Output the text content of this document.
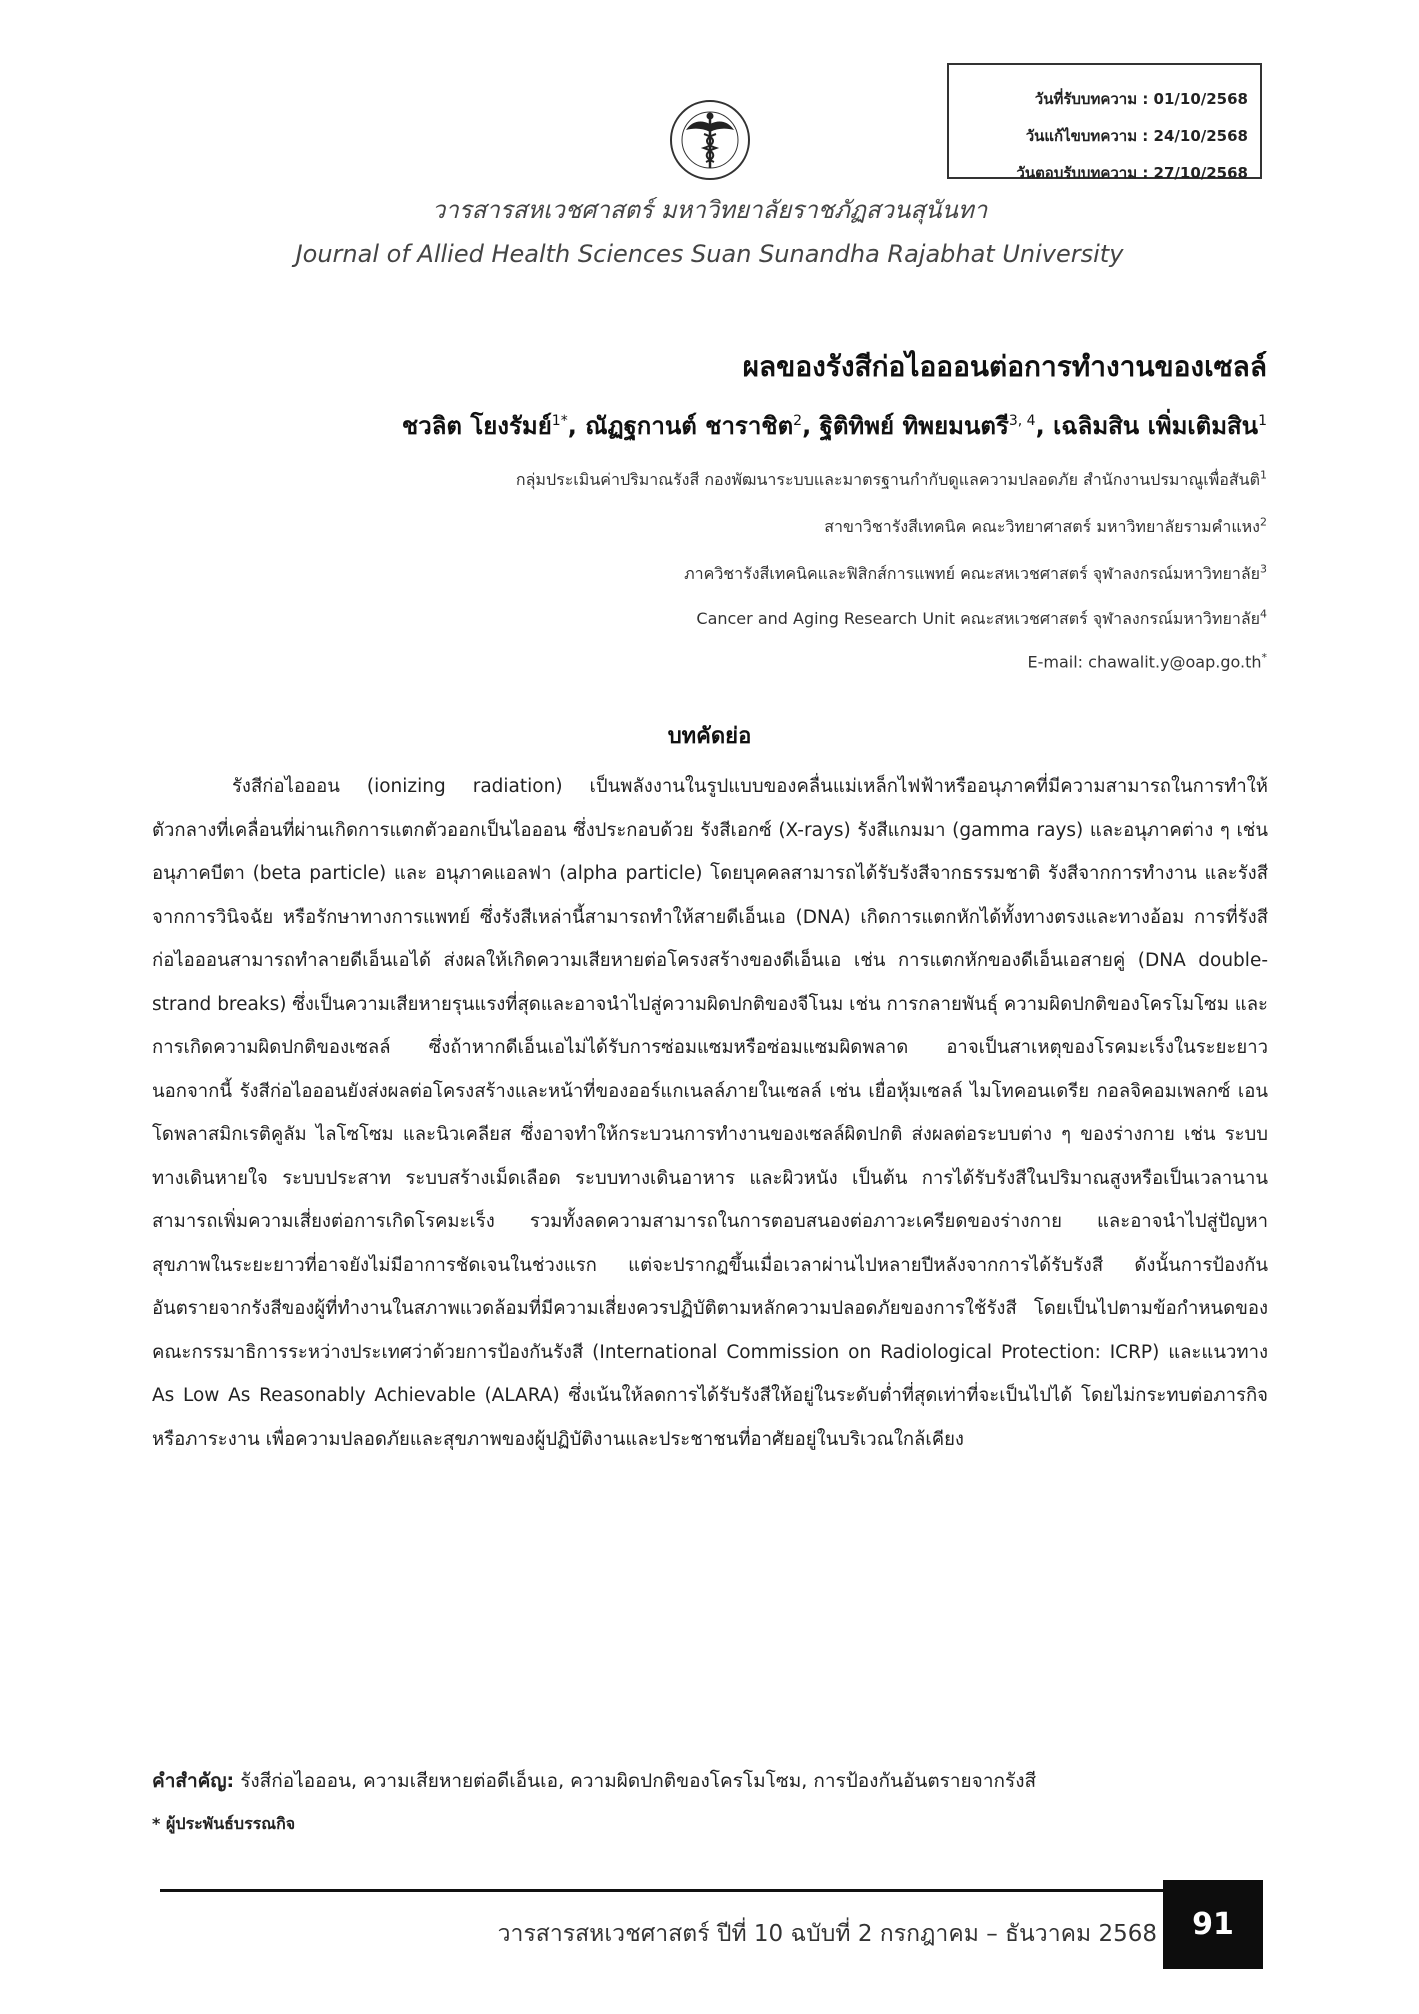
วันที่รับบทความ : 01/10/2568
วันแก้ไขบทความ : 24/10/2568
วันตอบรับบทความ : 27/10/2568
วารสารสหเวชศาสตร์ มหาวิทยาลัยราชภัฏสวนสุนันทา
Journal of Allied Health Sciences Suan Sunandha Rajabhat University
ผลของรังสีก่อไอออนต่อการทำงานของเซลล์
ชวลิต โยงรัมย์$^{1*}$, ณัฏฐกานต์ ชาราชิต$^2$, ฐิติทิพย์ ทิพยมนตรี$^{3, 4}$, เฉลิมสิน เพิ่มเติมสิน$^1$
กลุ่มประเมินค่าปริมาณรังสี กองพัฒนาระบบและมาตรฐานกำกับดูแลความปลอดภัย สำนักงานปรมาณูเพื่อสันติ$^1$
สาขาวิชารังสีเทคนิค คณะวิทยาศาสตร์ มหาวิทยาลัยรามคำแหง$^2$
ภาควิชารังสีเทคนิคและฟิสิกส์การแพทย์ คณะสหเวชศาสตร์ จุฬาลงกรณ์มหาวิทยาลัย$^3$
Cancer and Aging Research Unit คณะสหเวชศาสตร์ จุฬาลงกรณ์มหาวิทยาลัย$^4$
E-mail: chawalit.y@oap.go.th*
บทคัดย่อ

รังสีก่อไอออน (ionizing radiation) เป็นพลังงานในรูปแบบของคลื่นแม่เหล็กไฟฟ้าหรืออนุภาคที่มีความสามารถในการทำให้ตัวกลางที่เคลื่อนที่ผ่านเกิดการแตกตัวออกเป็นไอออน ซึ่งประกอบด้วย รังสีเอกซ์ (X-rays) รังสีแกมมา (gamma rays) และอนุภาคต่าง ๆ เช่น อนุภาคบีตา (beta particle) และ อนุภาคแอลฟา (alpha particle) โดยบุคคลสามารถได้รับรังสีจากธรรมชาติ รังสีจากการทำงาน และรังสีจากการวินิจฉัย หรือรักษาทางการแพทย์ ซึ่งรังสีเหล่านี้สามารถทำให้สายดีเอ็นเอ (DNA) เกิดการแตกหักได้ทั้งทางตรงและทางอ้อม การที่รังสีก่อไอออนสามารถทำลายดีเอ็นเอได้ ส่งผลให้เกิดความเสียหายต่อโครงสร้างของดีเอ็นเอ เช่น การแตกหักของดีเอ็นเอสายคู่ (DNA double-strand breaks) ซึ่งเป็นความเสียหายรุนแรงที่สุดและอาจนำไปสู่ความผิดปกติของจีโนม เช่น การกลายพันธุ์ ความผิดปกติของโครโมโซม และการเกิดความผิดปกติของเซลล์ ซึ่งถ้าหากดีเอ็นเอไม่ได้รับการซ่อมแซมหรือซ่อมแซมผิดพลาด อาจเป็นสาเหตุของโรคมะเร็งในระยะยาว นอกจากนี้ รังสีก่อไอออนยังส่งผลต่อโครงสร้างและหน้าที่ของออร์แกเนลล์ภายในเซลล์ เช่น เยื่อหุ้มเซลล์ ไมโทคอนเดรีย กอลจิคอมเพลกซ์ เอนโดพลาสมิกเรติคูลัม ไลโซโซม และนิวเคลียส ซึ่งอาจทำให้กระบวนการทำงานของเซลล์ผิดปกติ ส่งผลต่อระบบต่าง ๆ ของร่างกาย เช่น ระบบทางเดินหายใจ ระบบประสาท ระบบสร้างเม็ดเลือด ระบบทางเดินอาหาร และผิวหนัง เป็นต้น การได้รับรังสีในปริมาณสูงหรือเป็นเวลานานสามารถเพิ่มความเสี่ยงต่อการเกิดโรคมะเร็ง รวมทั้งลดความสามารถในการตอบสนองต่อภาวะเครียดของร่างกาย และอาจนำไปสู่ปัญหาสุขภาพในระยะยาวที่อาจยังไม่มีอาการชัดเจนในช่วงแรก แต่จะปรากฏขึ้นเมื่อเวลาผ่านไปหลายปีหลังจากการได้รับรังสี ดังนั้นการป้องกันอันตรายจากรังสีของผู้ที่ทำงานในสภาพแวดล้อมที่มีความเสี่ยงควรปฏิบัติตามหลักความปลอดภัยของการใช้รังสี โดยเป็นไปตามข้อกำหนดของคณะกรรมาธิการระหว่างประเทศว่าด้วยการป้องกันรังสี (International Commission on Radiological Protection: ICRP) และแนวทาง As Low As Reasonably Achievable (ALARA) ซึ่งเน้นให้ลดการได้รับรังสีให้อยู่ในระดับต่ำที่สุดเท่าที่จะเป็นไปได้ โดยไม่กระทบต่อภารกิจหรือภาระงาน เพื่อความปลอดภัยและสุขภาพของผู้ปฏิบัติงานและประชาชนที่อาศัยอยู่ในบริเวณใกล้เคียง

คำสำคัญ: รังสีก่อไอออน, ความเสียหายต่อดีเอ็นเอ, ความผิดปกติของโครโมโซม, การป้องกันอันตรายจากรังสี
* ผู้ประพันธ์บรรณกิจ
วารสารสหเวชศาสตร์ ปีที่ 10 ฉบับที่ 2 กรกฎาคม – ธันวาคม 2568 91
